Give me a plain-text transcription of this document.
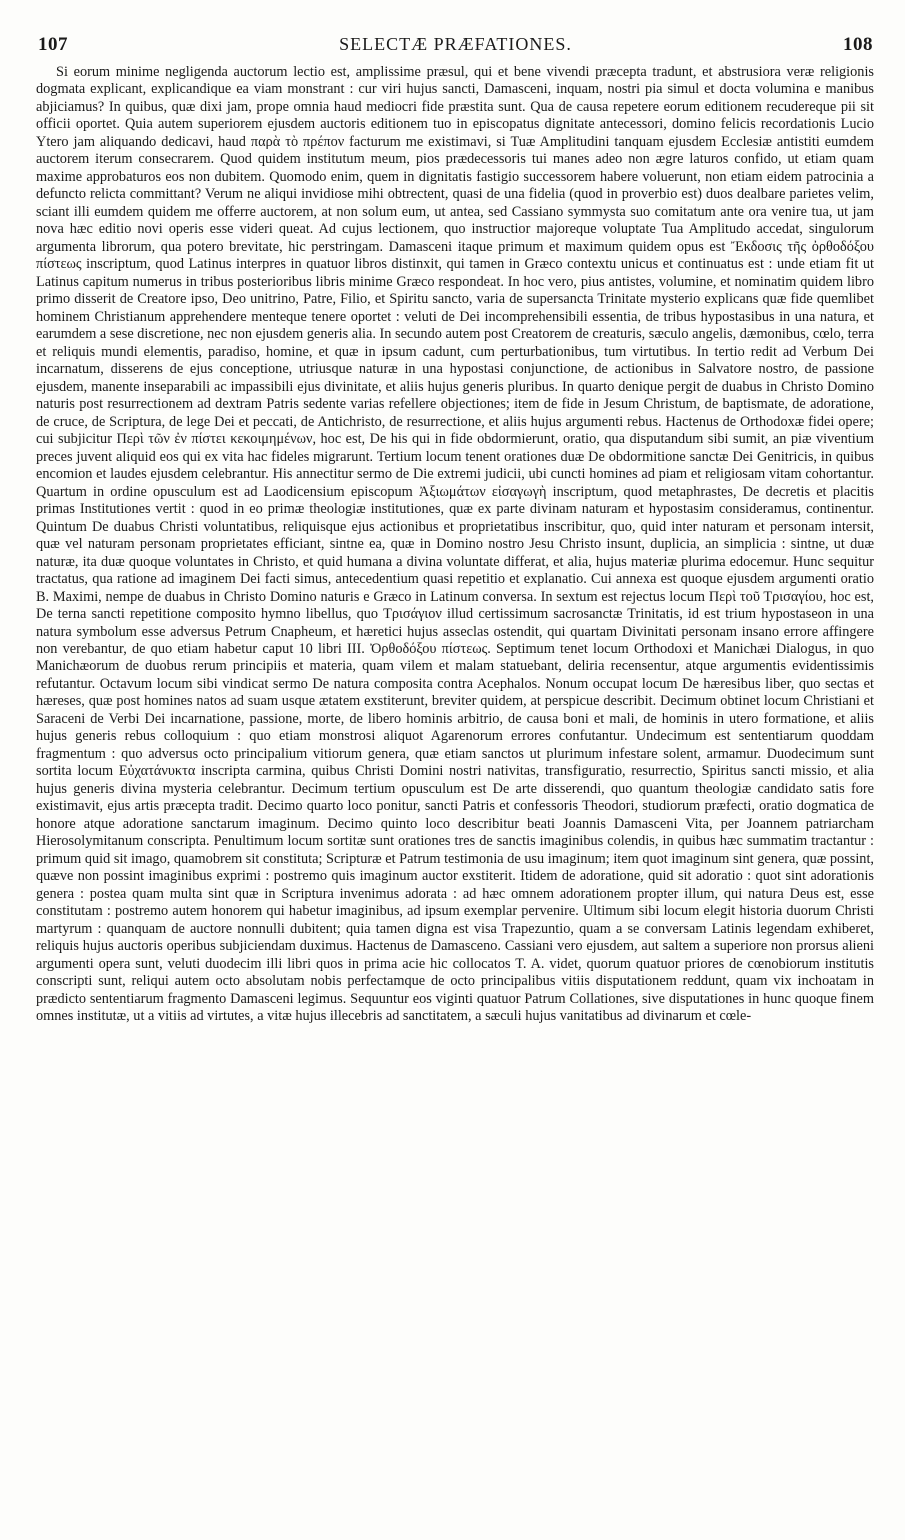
107	SELECTÆ PRÆFATIONES.	108

Si eorum minime negligenda auctorum lectio est, amplissime præsul, qui et bene vivendi præcepta tradunt, et abstrusiora veræ religionis dogmata explicant, explicandique ea viam monstrant : cur viri hujus sancti, Damasceni, inquam, nostri pia simul et docta volumina e manibus abjiciamus? In quibus, quæ dixi jam, prope omnia haud mediocri fide præstita sunt. Qua de causa repetere eorum editionem recudereque pii sit officii oportet. Quia autem superiorem ejusdem auctoris editionem tuo in episcopatus dignitate antecessori, domino felicis recordationis Lucio Ytero jam aliquando dedicavi, haud παρὰ τὸ πρέπον facturum me existimavi, si Tuæ Amplitudini tanquam ejusdem Ecclesiæ antistiti eumdem auctorem iterum consecrarem. Quod quidem institutum meum, pios prædecessoris tui manes adeo non ægre laturos confido, ut etiam quam maxime approbaturos eos non dubitem. Quomodo enim, quem in dignitatis fastigio successorem habere voluerunt, non etiam eidem patrocinia a defuncto relicta committant? Verum ne aliqui invidiose mihi obtrectent, quasi de una fidelia (quod in proverbio est) duos dealbare parietes velim, sciant illi eumdem quidem me offerre auctorem, at non solum eum, ut antea, sed Cassiano symmysta suo comitatum ante ora venire tua, ut jam nova hæc editio novi operis esse videri queat. Ad cujus lectionem, quo instructior majoreque voluptate Tua Amplitudo accedat, singulorum argumenta librorum, qua potero brevitate, hic perstringam. Damasceni itaque primum et maximum quidem opus est Ἔκδοσις τῆς ὀρθοδόξου πίστεως inscriptum, quod Latinus interpres in quatuor libros distinxit, qui tamen in Græco contextu unicus et continuatus est : unde etiam fit ut Latinus capitum numerus in tribus posterioribus libris minime Græco respondeat. In hoc vero, pius antistes, volumine, et nominatim quidem libro primo disserit de Creatore ipso, Deo unitrino, Patre, Filio, et Spiritu sancto, varia de supersancta Trinitate mysterio explicans quæ fide quemlibet hominem Christianum apprehendere menteque tenere oportet : veluti de Dei incomprehensibili essentia, de tribus hypostasibus in una natura, et earumdem a sese discretione, nec non ejusdem generis alia. In secundo autem post Creatorem de creaturis, sæculo angelis, dæmonibus, cœlo, terra et reliquis mundi elementis, paradiso, homine, et quæ in ipsum cadunt, cum perturbationibus, tum virtutibus. In tertio redit ad Verbum Dei incarnatum, disserens de ejus conceptione, utriusque naturæ in una hypostasi conjunctione, de actionibus in Salvatore nostro, de passione ejusdem, manente inseparabili ac impassibili ejus divinitate, et aliis hujus generis pluribus. In quarto denique pergit de duabus in Christo Domino naturis post resurrectionem ad dextram Patris sedente varias refellere objectiones; item de fide in Jesum Christum, de baptismate, de adoratione, de cruce, de Scriptura, de lege Dei et peccati, de Antichristo, de resurrectione, et aliis hujus argumenti rebus. Hactenus de Orthodoxæ fidei opere; cui subjicitur Περὶ τῶν ἐν πίστει κεκοιμημένων, hoc est, De his qui in fide obdormierunt, oratio, qua disputandum sibi sumit, an piæ viventium preces juvent aliquid eos qui ex vita hac fideles migrarunt. Tertium locum tenent orationes duæ De obdormitione sanctæ Dei Genitricis, in quibus encomion et laudes ejusdem celebrantur. His annectitur sermo de Die extremi judicii, ubi cuncti homines ad piam et religiosam vitam cohortantur. Quartum in ordine opusculum est ad Laodicensium episcopum Ἀξιωμάτων εἰσαγωγὴ inscriptum, quod metaphrastes, De decretis et placitis primas Institutiones vertit : quod in eo primæ theologiæ institutiones, quæ ex parte divinam naturam et hypostasim consideramus, continentur. Quintum De duabus Christi voluntatibus, reliquisque ejus actionibus et proprietatibus inscribitur, quo, quid inter naturam et personam intersit, quæ vel naturam personam proprietates efficiant, sintne ea, quæ in Domino nostro Jesu Christo insunt, duplicia, an simplicia : sintne, ut duæ naturæ, ita duæ quoque voluntates in Christo, et quid humana a divina voluntate differat, et alia, hujus materiæ plurima edocemur. Hunc sequitur tractatus, qua ratione ad imaginem Dei facti simus, antecedentium quasi repetitio et explanatio. Cui annexa est quoque ejusdem argumenti oratio B. Maximi, nempe de duabus in Christo Domino naturis e Græco in Latinum conversa. In sextum est rejectus locum Περὶ τοῦ Τρισαγίου, hoc est, De terna sancti repetitione composito hymno libellus, quo Τρισάγιον illud certissimum sacrosanctæ Trinitatis, id est trium hypostaseon in una natura symbolum esse adversus Petrum Cnapheum, et hæretici hujus asseclas ostendit, qui quartam Divinitati personam insano errore affingere non verebantur, de quo etiam habetur caput 10 libri III. Ὀρθοδόξου πίστεως. Septimum tenet locum Orthodoxi et Manichæi Dialogus, in quo Manichæorum de duobus rerum principiis et materia, quam vilem et malam statuebant, deliria recensentur, atque argumentis evidentissimis refutantur. Octavum locum sibi vindicat sermo De natura composita contra Acephalos. Nonum occupat locum De hæresibus liber, quo sectas et hæreses, quæ post homines natos ad suam usque ætatem exstiterunt, breviter quidem, at perspicue describit. Decimum obtinet locum Christiani et Saraceni de Verbi Dei incarnatione, passione, morte, de libero hominis arbitrio, de causa boni et mali, de hominis in utero formatione, et aliis hujus generis rebus colloquium : quo etiam monstrosi aliquot Agarenorum errores confutantur. Undecimum est sententiarum quoddam fragmentum : quo adversus octo principalium vitiorum genera, quæ etiam sanctos ut plurimum infestare solent, armamur. Duodecimum sunt sortita locum Εὐχατάνυκτα inscripta carmina, quibus Christi Domini nostri nativitas, transfiguratio, resurrectio, Spiritus sancti missio, et alia hujus generis divina mysteria celebrantur. Decimum tertium opusculum est De arte disserendi, quo quantum theologiæ candidato satis fore existimavit, ejus artis præcepta tradit. Decimo quarto loco ponitur, sancti Patris et confessoris Theodori, studiorum præfecti, oratio dogmatica de honore atque adoratione sanctarum imaginum. Decimo quinto loco describitur beati Joannis Damasceni Vita, per Joannem patriarcham Hierosolymitanum conscripta. Penultimum locum sortitæ sunt orationes tres de sanctis imaginibus colendis, in quibus hæc summatim tractantur : primum quid sit imago, quamobrem sit constituta; Scripturæ et Patrum testimonia de usu imaginum; item quot imaginum sint genera, quæ possint, quæve non possint imaginibus exprimi : postremo quis imaginum auctor exstiterit. Itidem de adoratione, quid sit adoratio : quot sint adorationis genera : postea quam multa sint quæ in Scriptura invenimus adorata : ad hæc omnem adorationem propter illum, qui natura Deus est, esse constitutam : postremo autem honorem qui habetur imaginibus, ad ipsum exemplar pervenire. Ultimum sibi locum elegit historia duorum Christi martyrum : quanquam de auctore nonnulli dubitent; quia tamen digna est visa Trapezuntio, quam a se conversam Latinis legendam exhiberet, reliquis hujus auctoris operibus subjiciendam duximus. Hactenus de Damasceno. Cassiani vero ejusdem, aut saltem a superiore non prorsus alieni argumenti opera sunt, veluti duodecim illi libri quos in prima acie hic collocatos T. A. videt, quorum quatuor priores de cœnobiorum institutis conscripti sunt, reliqui autem octo absolutam nobis perfectamque de octo principalibus vitiis disputationem reddunt, quam vix inchoatam in prædicto sententiarum fragmento Damasceni legimus. Sequuntur eos viginti quatuor Patrum Collationes, sive disputationes in hunc quoque finem omnes institutæ, ut a vitiis ad virtutes, a vitæ hujus illecebris ad sanctitatem, a sæculi hujus vanitatibus ad divinarum et cœle-
